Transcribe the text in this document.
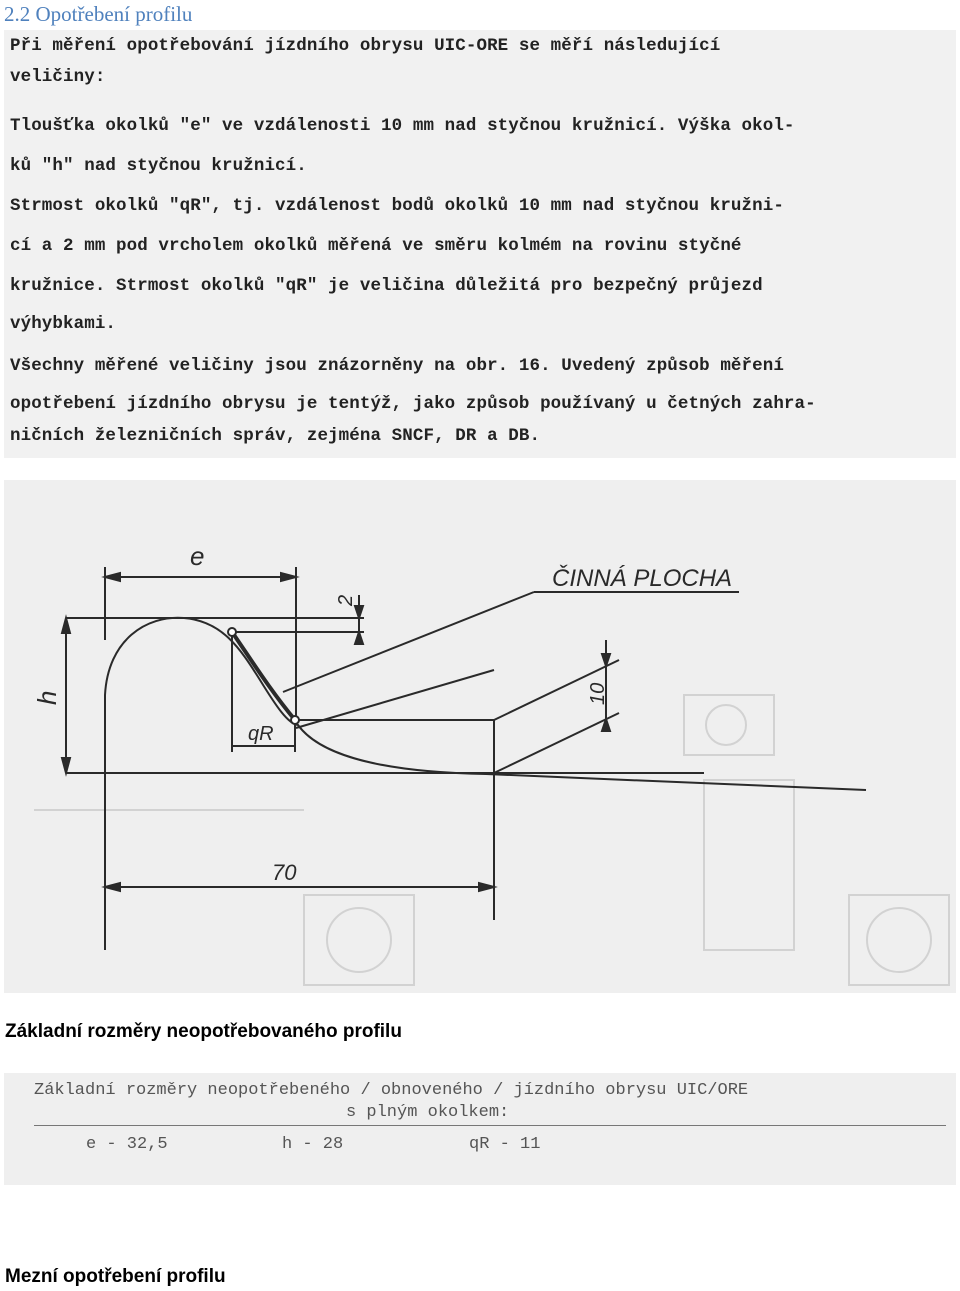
2.2 Opotřebení profilu
Při měření opotřebování jízdního obrysu UIC-ORE se měří následující
veličiny:
Tloušťka okolků "e" ve vzdálenosti 10 mm nad styčnou kružnicí. Výška okol-
ků "h" nad styčnou kružnicí.
Strmost okolků "qR", tj. vzdálenost bodů okolků 10 mm nad styčnou kružni-
cí a 2 mm pod vrcholem okolků měřená ve směru kolmém na rovinu styčné
kružnice. Strmost okolků "qR" je veličina důležitá pro bezpečný průjezd
výhybkami.
Všechny měřené veličiny jsou znázorněny na obr. 16. Uvedený způsob měření
opotřebení jízdního obrysu je tentýž, jako způsob používaný u četných zahra-
ničních železničních správ, zejména SNCF, DR a DB.
e
h
2
10
qR
70
ČINNÁ PLOCHA

Základní rozměry neopotřebovaného profilu

Základní rozměry neopotřebeného / obnoveného / jízdního obrysu UIC/ORE
s plným okolkem:
e - 32,5	h - 28	qR - 11

Mezní opotřebení profilu
